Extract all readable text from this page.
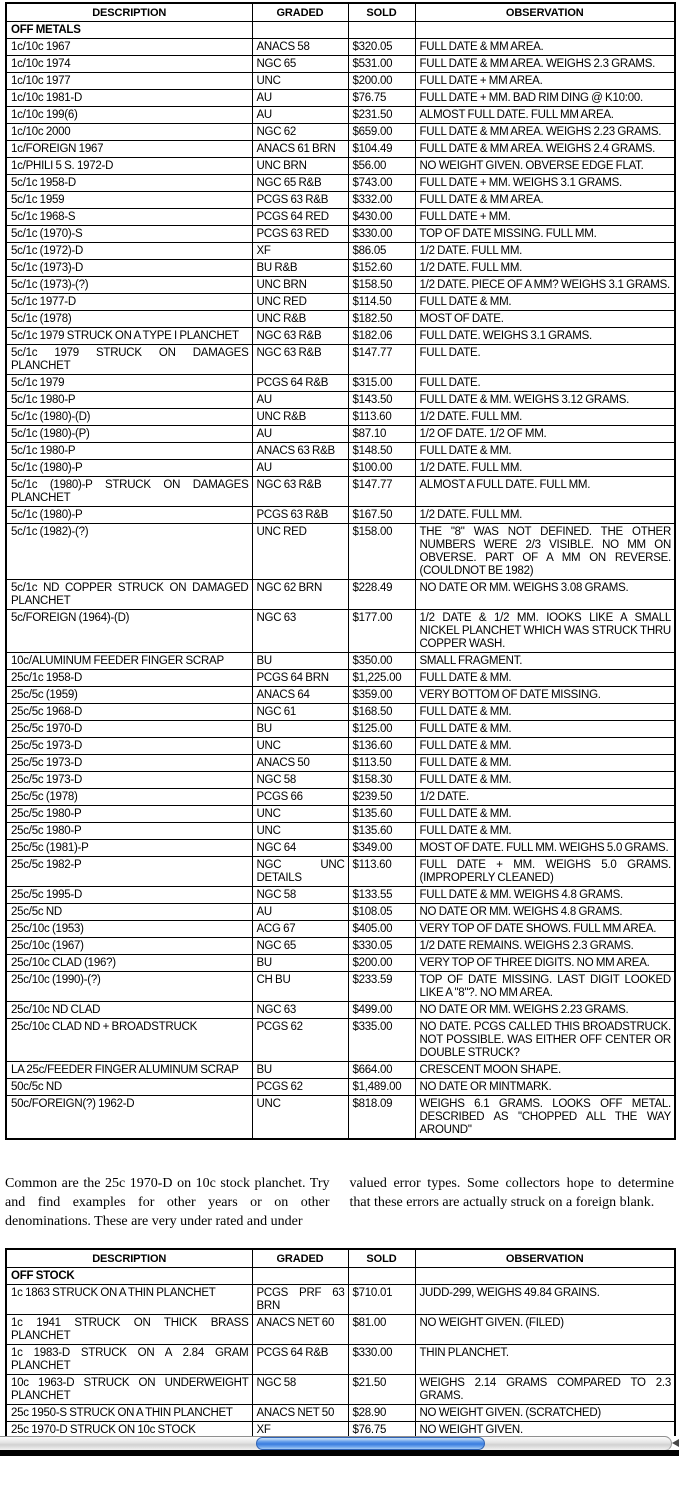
DESCRIPTION	GRADED	SOLD	OBSERVATION
OFF METALS			
1c/10c 1967	ANACS 58	$320.05	FULL DATE & MM AREA.
1c/10c 1974	NGC 65	$531.00	FULL DATE & MM AREA. WEIGHS 2.3 GRAMS.
1c/10c 1977	UNC	$200.00	FULL DATE + MM AREA.
1c/10c 1981-D	AU	$76.75	FULL DATE + MM. BAD RIM DING @ K10:00.
1c/10c 199(6)	AU	$231.50	ALMOST FULL DATE. FULL MM AREA.
1c/10c 2000	NGC 62	$659.00	FULL DATE & MM AREA. WEIGHS 2.23 GRAMS.
1c/FOREIGN 1967	ANACS 61 BRN	$104.49	FULL DATE & MM AREA. WEIGHS 2.4 GRAMS.
1c/PHILI 5 S. 1972-D	UNC BRN	$56.00	NO WEIGHT GIVEN. OBVERSE EDGE FLAT.
5c/1c 1958-D	NGC 65 R&B	$743.00	FULL DATE + MM. WEIGHS 3.1 GRAMS.
5c/1c 1959	PCGS 63 R&B	$332.00	FULL DATE & MM AREA.
5c/1c 1968-S	PCGS 64 RED	$430.00	FULL DATE + MM.
5c/1c (1970)-S	PCGS 63 RED	$330.00	TOP OF DATE MISSING. FULL MM.
5c/1c (1972)-D	XF	$86.05	1/2 DATE. FULL MM.
5c/1c (1973)-D	BU R&B	$152.60	1/2 DATE. FULL MM.
5c/1c (1973)-(?)	UNC BRN	$158.50	1/2 DATE. PIECE OF A MM? WEIGHS 3.1 GRAMS.
5c/1c 1977-D	UNC RED	$114.50	FULL DATE & MM.
5c/1c (1978)	UNC R&B	$182.50	MOST OF DATE.
5c/1c 1979 STRUCK ON A TYPE I PLANCHET	NGC 63 R&B	$182.06	FULL DATE. WEIGHS 3.1 GRAMS.
5c/1c 1979 STRUCK ON DAMAGES PLANCHET	NGC 63 R&B	$147.77	FULL DATE.
5c/1c 1979	PCGS 64 R&B	$315.00	FULL DATE.
5c/1c 1980-P	AU	$143.50	FULL DATE & MM. WEIGHS 3.12 GRAMS.
5c/1c (1980)-(D)	UNC R&B	$113.60	1/2 DATE. FULL MM.
5c/1c (1980)-(P)	AU	$87.10	1/2 OF DATE. 1/2 OF MM.
5c/1c 1980-P	ANACS 63 R&B	$148.50	FULL DATE & MM.
5c/1c (1980)-P	AU	$100.00	1/2 DATE. FULL MM.
5c/1c (1980)-P STRUCK ON DAMAGES PLANCHET	NGC 63 R&B	$147.77	ALMOST A FULL DATE. FULL MM.
5c/1c (1980)-P	PCGS 63 R&B	$167.50	1/2 DATE. FULL MM.
5c/1c (1982)-(?)	UNC RED	$158.00	THE "8" WAS NOT DEFINED. THE OTHER NUMBERS WERE 2/3 VISIBLE. NO MM ON OBVERSE. PART OF A MM ON REVERSE. (COULDNOT BE 1982)
5c/1c ND COPPER STRUCK ON DAMAGED PLANCHET	NGC 62 BRN	$228.49	NO DATE OR MM. WEIGHS 3.08 GRAMS.
5c/FOREIGN (1964)-(D)	NGC 63	$177.00	1/2 DATE & 1/2 MM. IOOKS LIKE A SMALL NICKEL PLANCHET WHICH WAS STRUCK THRU COPPER WASH.
10c/ALUMINUM FEEDER FINGER SCRAP	BU	$350.00	SMALL FRAGMENT.
25c/1c 1958-D	PCGS 64 BRN	$1,225.00	FULL DATE & MM.
25c/5c (1959)	ANACS 64	$359.00	VERY BOTTOM OF DATE MISSING.
25c/5c 1968-D	NGC 61	$168.50	FULL DATE & MM.
25c/5c 1970-D	BU	$125.00	FULL DATE & MM.
25c/5c 1973-D	UNC	$136.60	FULL DATE & MM.
25c/5c 1973-D	ANACS 50	$113.50	FULL DATE & MM.
25c/5c 1973-D	NGC 58	$158.30	FULL DATE & MM.
25c/5c (1978)	PCGS 66	$239.50	1/2 DATE.
25c/5c 1980-P	UNC	$135.60	FULL DATE & MM.
25c/5c 1980-P	UNC	$135.60	FULL DATE & MM.
25c/5c (1981)-P	NGC 64	$349.00	MOST OF DATE. FULL MM. WEIGHS 5.0 GRAMS.
25c/5c 1982-P	NGC UNC DETAILS	$113.60	FULL DATE + MM. WEIGHS 5.0 GRAMS. (IMPROPERLY CLEANED)
25c/5c 1995-D	NGC 58	$133.55	FULL DATE & MM. WEIGHS 4.8 GRAMS.
25c/5c ND	AU	$108.05	NO DATE OR MM. WEIGHS 4.8 GRAMS.
25c/10c (1953)	ACG 67	$405.00	VERY TOP OF DATE SHOWS. FULL MM AREA.
25c/10c (1967)	NGC 65	$330.05	1/2 DATE REMAINS. WEIGHS 2.3 GRAMS.
25c/10c CLAD (196?)	BU	$200.00	VERY TOP OF THREE DIGITS. NO MM AREA.
25c/10c (1990)-(?)	CH BU	$233.59	TOP OF DATE MISSING. LAST DIGIT LOOKED LIKE A "8"?. NO MM AREA.
25c/10c ND CLAD	NGC 63	$499.00	NO DATE OR MM. WEIGHS 2.23 GRAMS.
25c/10c CLAD ND + BROADSTRUCK	PCGS 62	$335.00	NO DATE. PCGS CALLED THIS BROADSTRUCK. NOT POSSIBLE. WAS EITHER OFF CENTER OR DOUBLE STRUCK?
LA 25c/FEEDER FINGER ALUMINUM SCRAP	BU	$664.00	CRESCENT MOON SHAPE.
50c/5c ND	PCGS 62	$1,489.00	NO DATE OR MINTMARK.
50c/FOREIGN(?) 1962-D	UNC	$818.09	WEIGHS 6.1 GRAMS. LOOKS OFF METAL. DESCRIBED AS "CHOPPED ALL THE WAY AROUND"
Common are the 25c 1970-D on 10c stock planchet. Try and find examples for other years or on other denominations. These are very under rated and under
valued error types. Some collectors hope to determine that these errors are actually struck on a foreign blank.
DESCRIPTION	GRADED	SOLD	OBSERVATION
OFF STOCK			
1c 1863 STRUCK ON A THIN PLANCHET	PCGS PRF 63 BRN	$710.01	JUDD-299, WEIGHS 49.84 GRAINS.
1c 1941 STRUCK ON THICK BRASS PLANCHET	ANACS NET 60	$81.00	NO WEIGHT GIVEN. (FILED)
1c 1983-D STRUCK ON A 2.84 GRAM PLANCHET	PCGS 64 R&B	$330.00	THIN PLANCHET.
10c 1963-D STRUCK ON UNDERWEIGHT PLANCHET	NGC 58	$21.50	WEIGHS 2.14 GRAMS COMPARED TO 2.3 GRAMS.
25c 1950-S STRUCK ON A THIN PLANCHET	ANACS NET 50	$28.90	NO WEIGHT GIVEN. (SCRATCHED)
25c 1970-D STRUCK ON 10c STOCK	XF	$76.75	NO WEIGHT GIVEN.
